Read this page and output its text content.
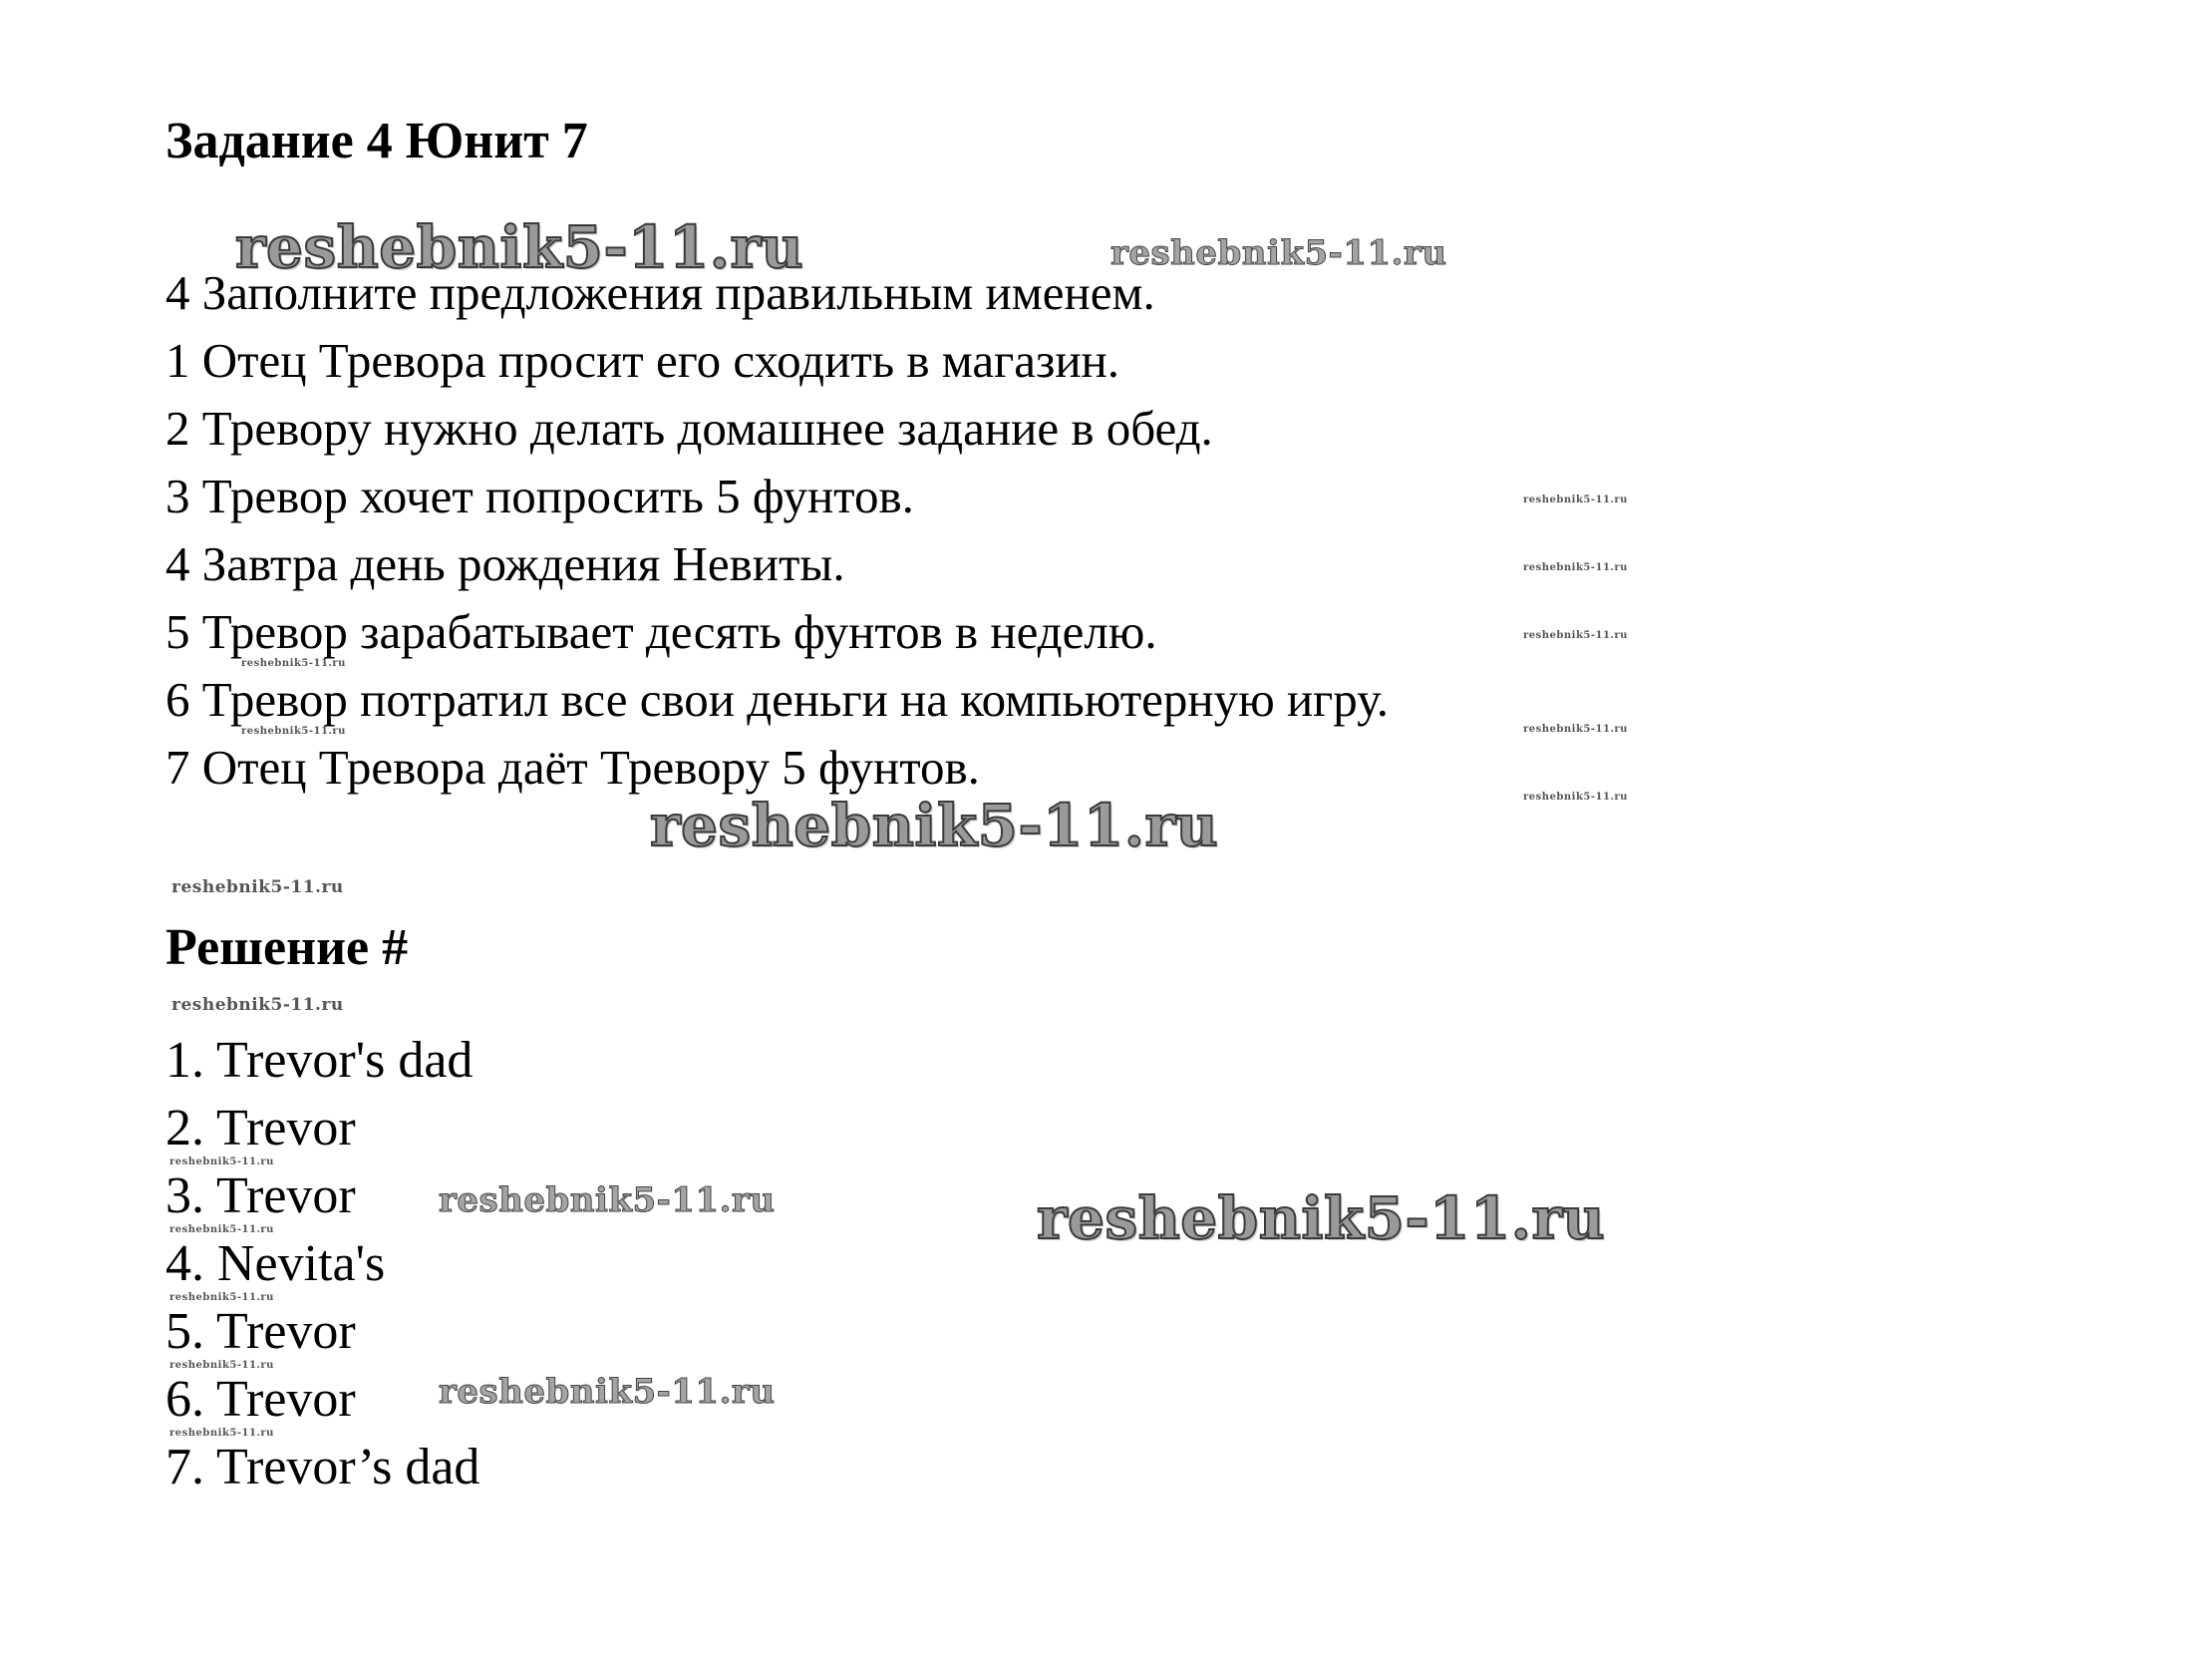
Задание 4 Юнит 7
4 Заполните предложения правильным именем.
1 Отец Тревора просит его сходить в магазин.
2 Тревору нужно делать домашнее задание в обед.
3 Тревор хочет попросить 5 фунтов.
4 Завтра день рождения Невиты.
5 Тревор зарабатывает десять фунтов в неделю.
6 Тревор потратил все свои деньги на компьютерную игру.
7 Отец Тревора даёт Тревору 5 фунтов.
Решение #
1. Trevor's dad
2. Trevor
3. Trevor
4. Nevita's
5. Trevor
6. Trevor
7. Trevor’s dad
reshebnik5-11.ru	reshebnik5-11.ru
reshebnik5-11.ru
reshebnik5-11.ru
reshebnik5-11.ru
reshebnik5-11.ru
reshebnik5-11.ru
reshebnik5-11.ru
reshebnik5-11.ru
reshebnik5-11.ru
reshebnik5-11.ru
reshebnik5-11.ru
reshebnik5-11.ru
reshebnik5-11.ru
reshebnik5-11.ru
reshebnik5-11.ru
reshebnik5-11.ru
reshebnik5-11.ru
reshebnik5-11.ru
reshebnik5-11.ru
